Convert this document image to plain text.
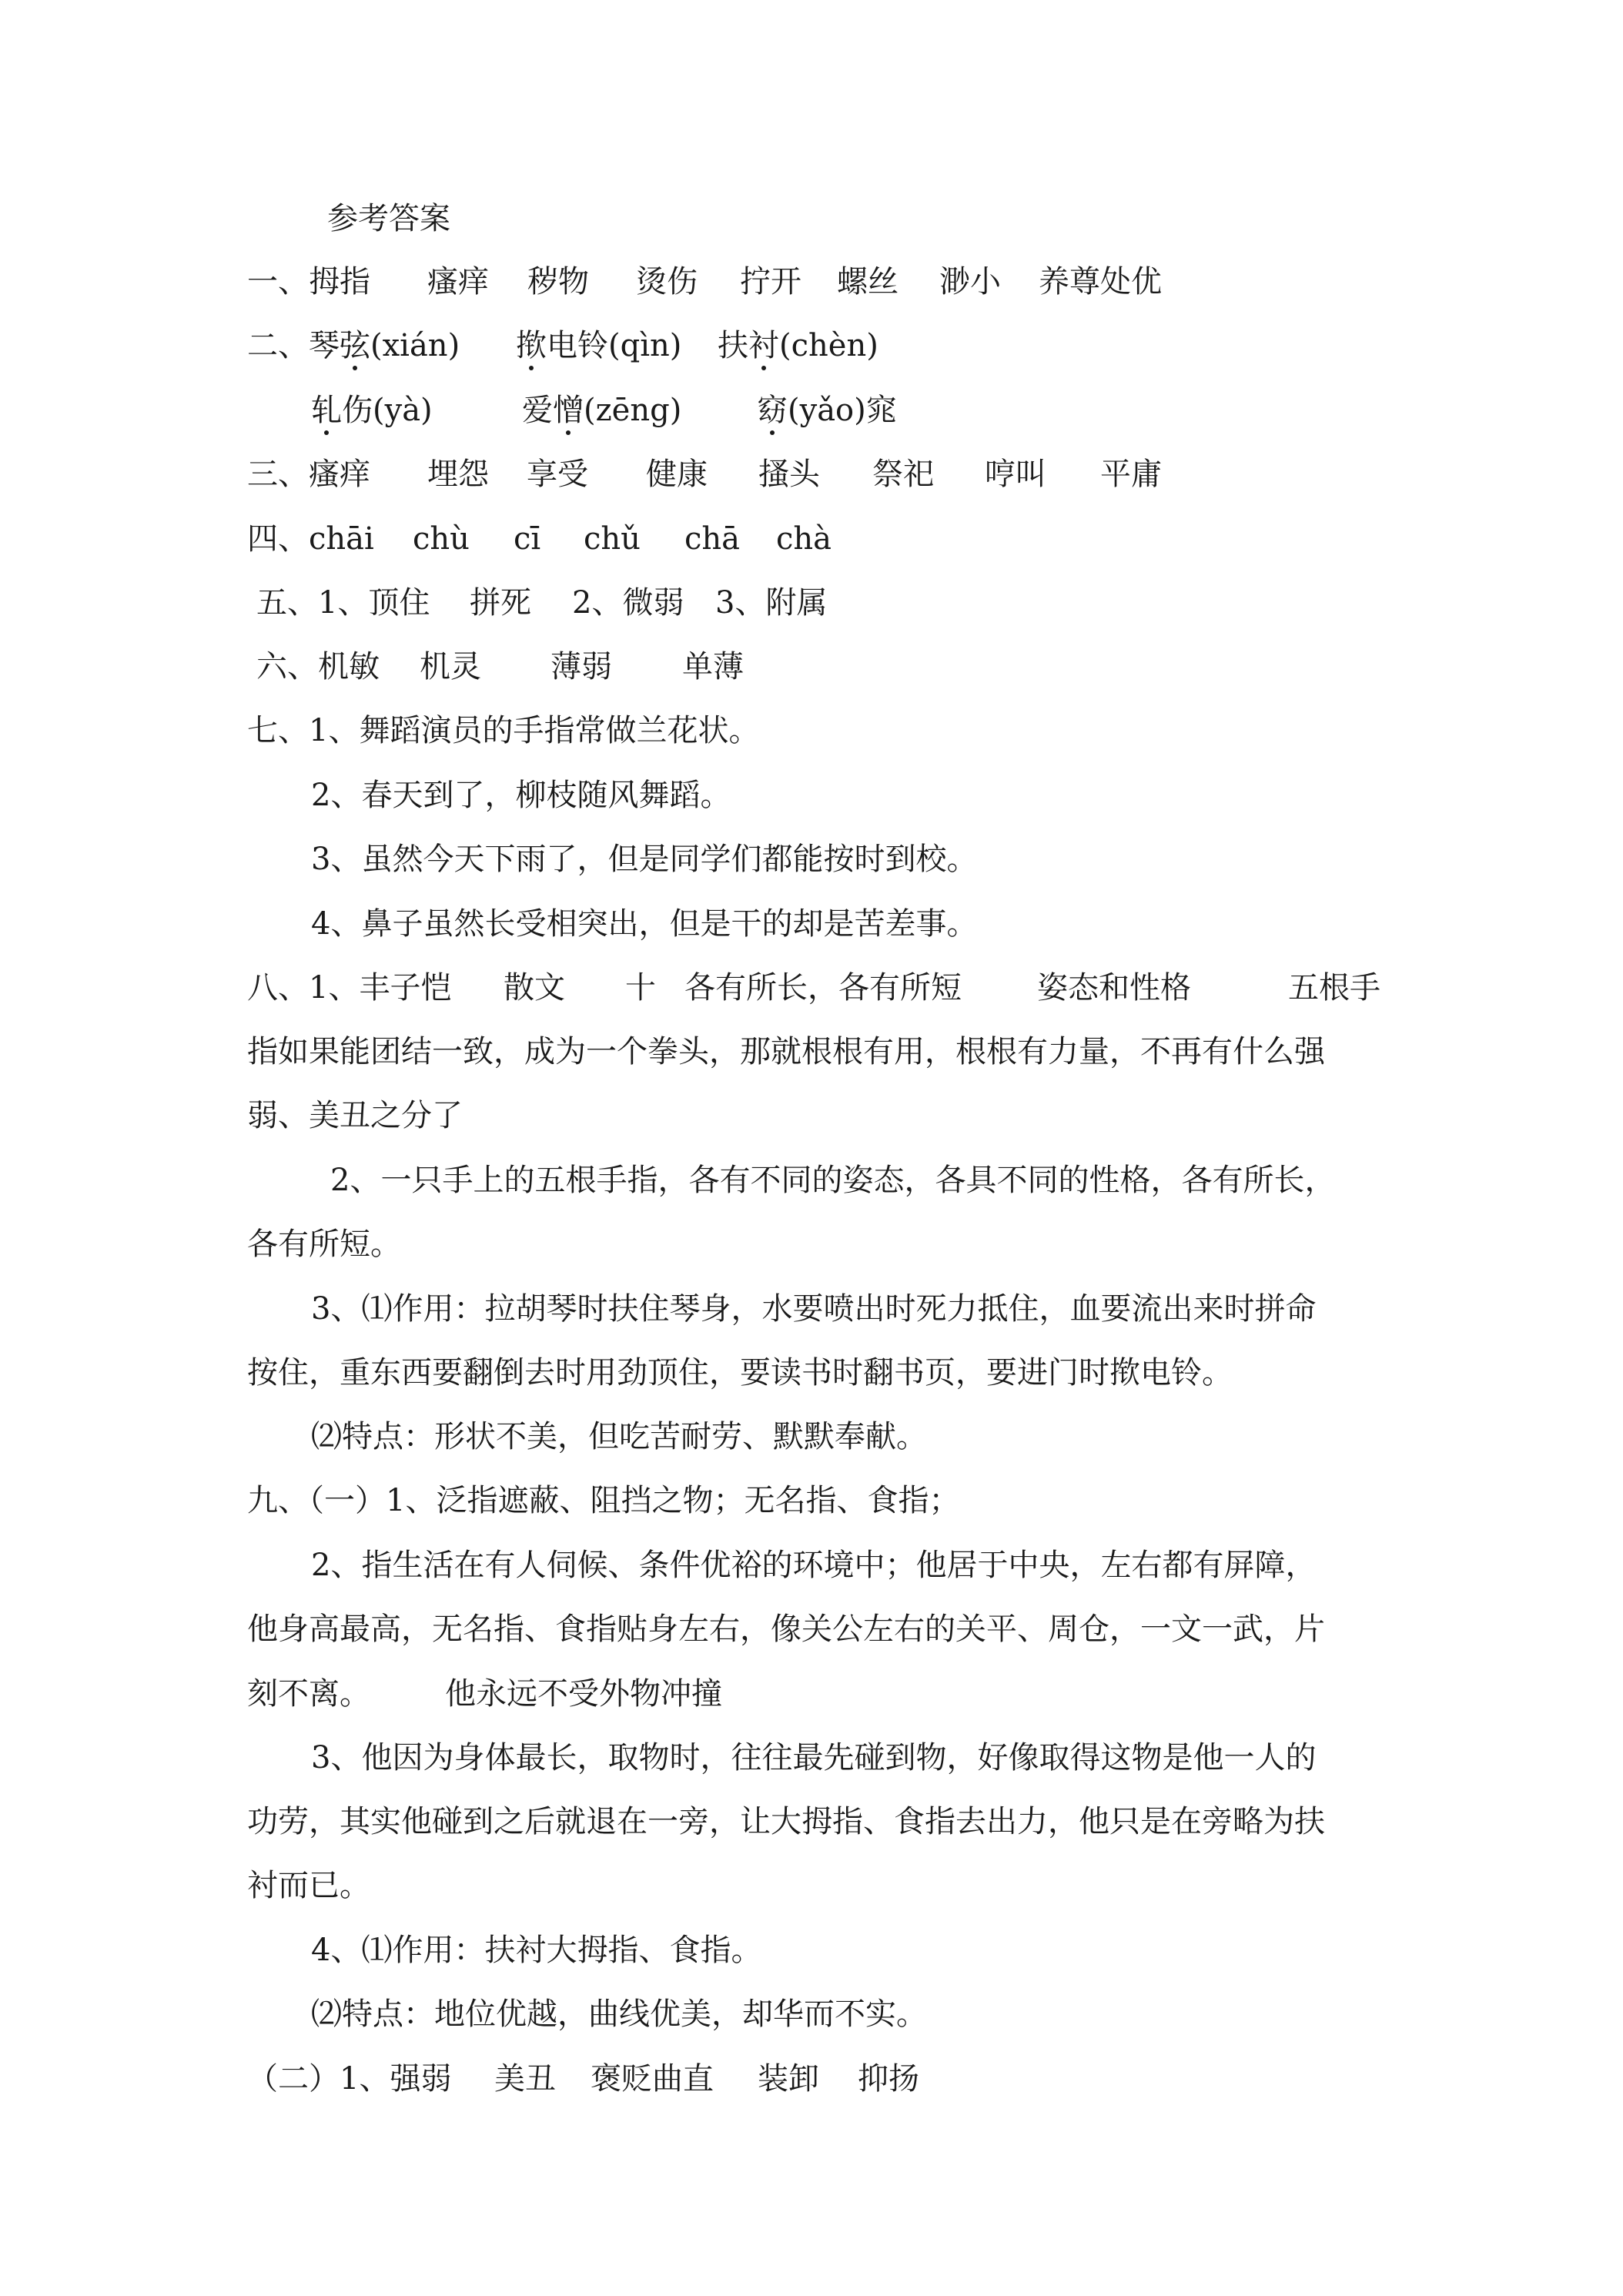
参考答案
一、拇指 瘙痒 秽物 烫伤 拧开 螺丝 渺小 养尊处优
二、琴弦(xián) 揿电铃(qìn) 扶衬(chèn)
轧伤(yà)	爱憎(zēng) 窈(yǎo)窕
三、瘙痒 埋怨 享受 健康 搔头 祭祀 哼叫 平庸
四、chāi chù cī chǔ chā chà
五、1、顶住 拼死 2、微弱 3、附属
六、机敏 机灵 薄弱 单薄
七、1、舞蹈演员的手指常做兰花状。
2、春天到了，柳枝随风舞蹈。
3、虽然今天下雨了，但是同学们都能按时到校。
4、鼻子虽然长受相突出，但是干的却是苦差事。
八、1、丰子恺 散文 十 各有所长，各有所短 姿态和性格	五根手
指如果能团结一致，成为一个拳头，那就根根有用，根根有力量，不再有什么强
弱、美丑之分了
2、一只手上的五根手指，各有不同的姿态，各具不同的性格，各有所长，
各有所短。
3、⑴作用：拉胡琴时扶住琴身，水要喷出时死力抵住，血要流出来时拼命
按住，重东西要翻倒去时用劲顶住，要读书时翻书页，要进门时揿电铃。
⑵特点：形状不美，但吃苦耐劳、默默奉献。
九、（一）1、泛指遮蔽、阻挡之物；无名指、食指；
2、指生活在有人伺候、条件优裕的环境中；他居于中央，左右都有屏障，
他身高最高，无名指、食指贴身左右，像关公左右的关平、周仓，一文一武，片
刻不离。 他永远不受外物冲撞
3、他因为身体最长，取物时，往往最先碰到物，好像取得这物是他一人的
功劳，其实他碰到之后就退在一旁，让大拇指、食指去出力，他只是在旁略为扶
衬而已。
4、⑴作用：扶衬大拇指、食指。
⑵特点：地位优越，曲线优美，却华而不实。
（二）1、强弱 美丑 褒贬曲直 装卸 抑扬
